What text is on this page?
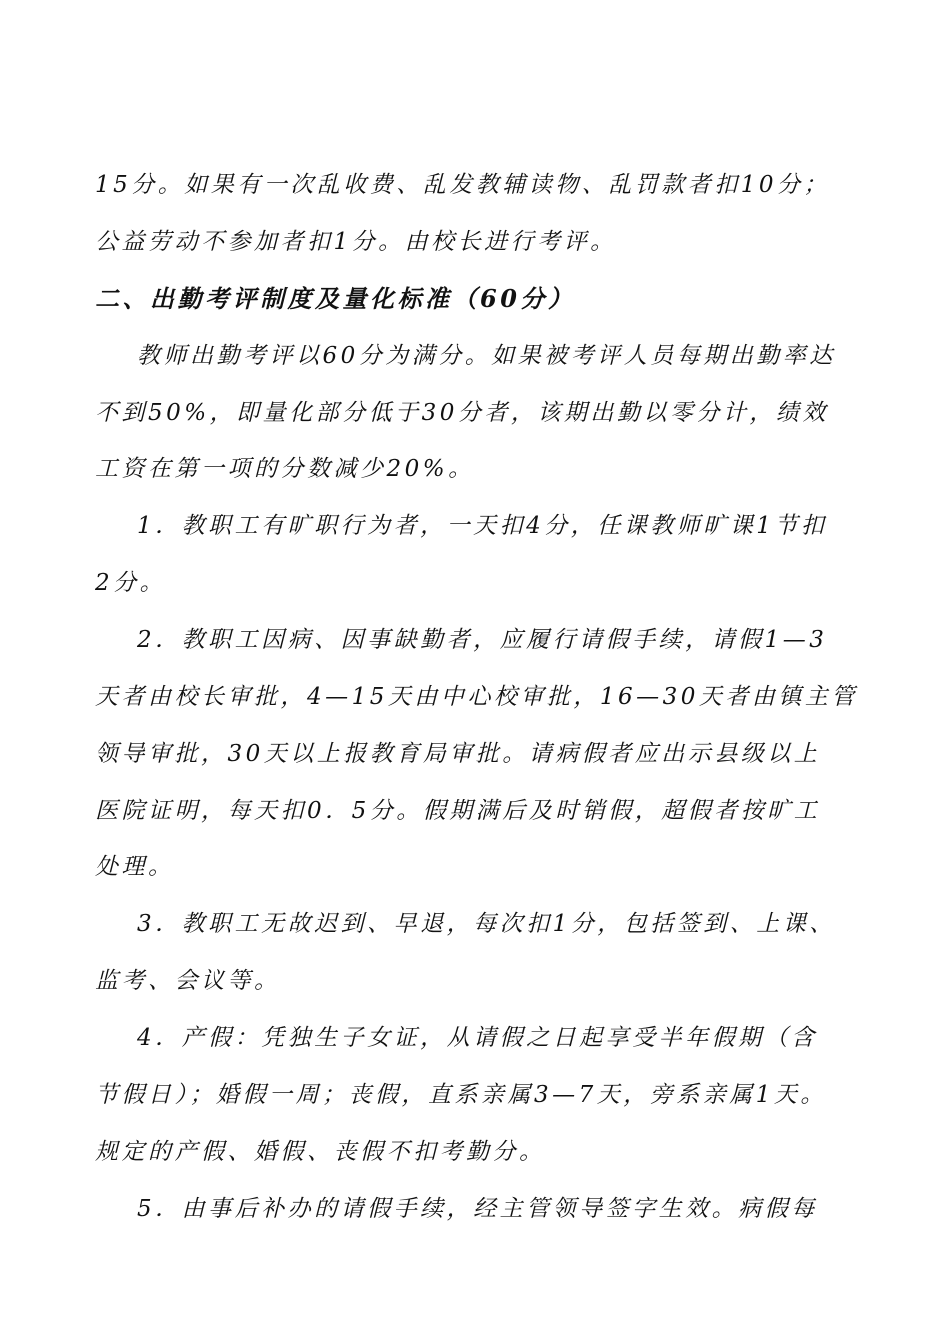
15分。如果有一次乱收费、乱发教辅读物、乱罚款者扣10分；
公益劳动不参加者扣1分。由校长进行考评。
二、出勤考评制度及量化标准（60分）
教师出勤考评以60分为满分。如果被考评人员每期出勤率达
不到50%，即量化部分低于30分者，该期出勤以零分计，绩效
工资在第一项的分数减少20%。
1．教职工有旷职行为者，一天扣4分，任课教师旷课1节扣
2分。
2．教职工因病、因事缺勤者，应履行请假手续，请假1—3
天者由校长审批，4—15天由中心校审批，16—30天者由镇主管
领导审批，30天以上报教育局审批。请病假者应出示县级以上
医院证明，每天扣0．5分。假期满后及时销假，超假者按旷工
处理。
3．教职工无故迟到、早退，每次扣1分，包括签到、上课、
监考、会议等。
4．产假：凭独生子女证，从请假之日起享受半年假期（含
节假日）；婚假一周；丧假，直系亲属3—7天，旁系亲属1天。
规定的产假、婚假、丧假不扣考勤分。
5．由事后补办的请假手续，经主管领导签字生效。病假每
